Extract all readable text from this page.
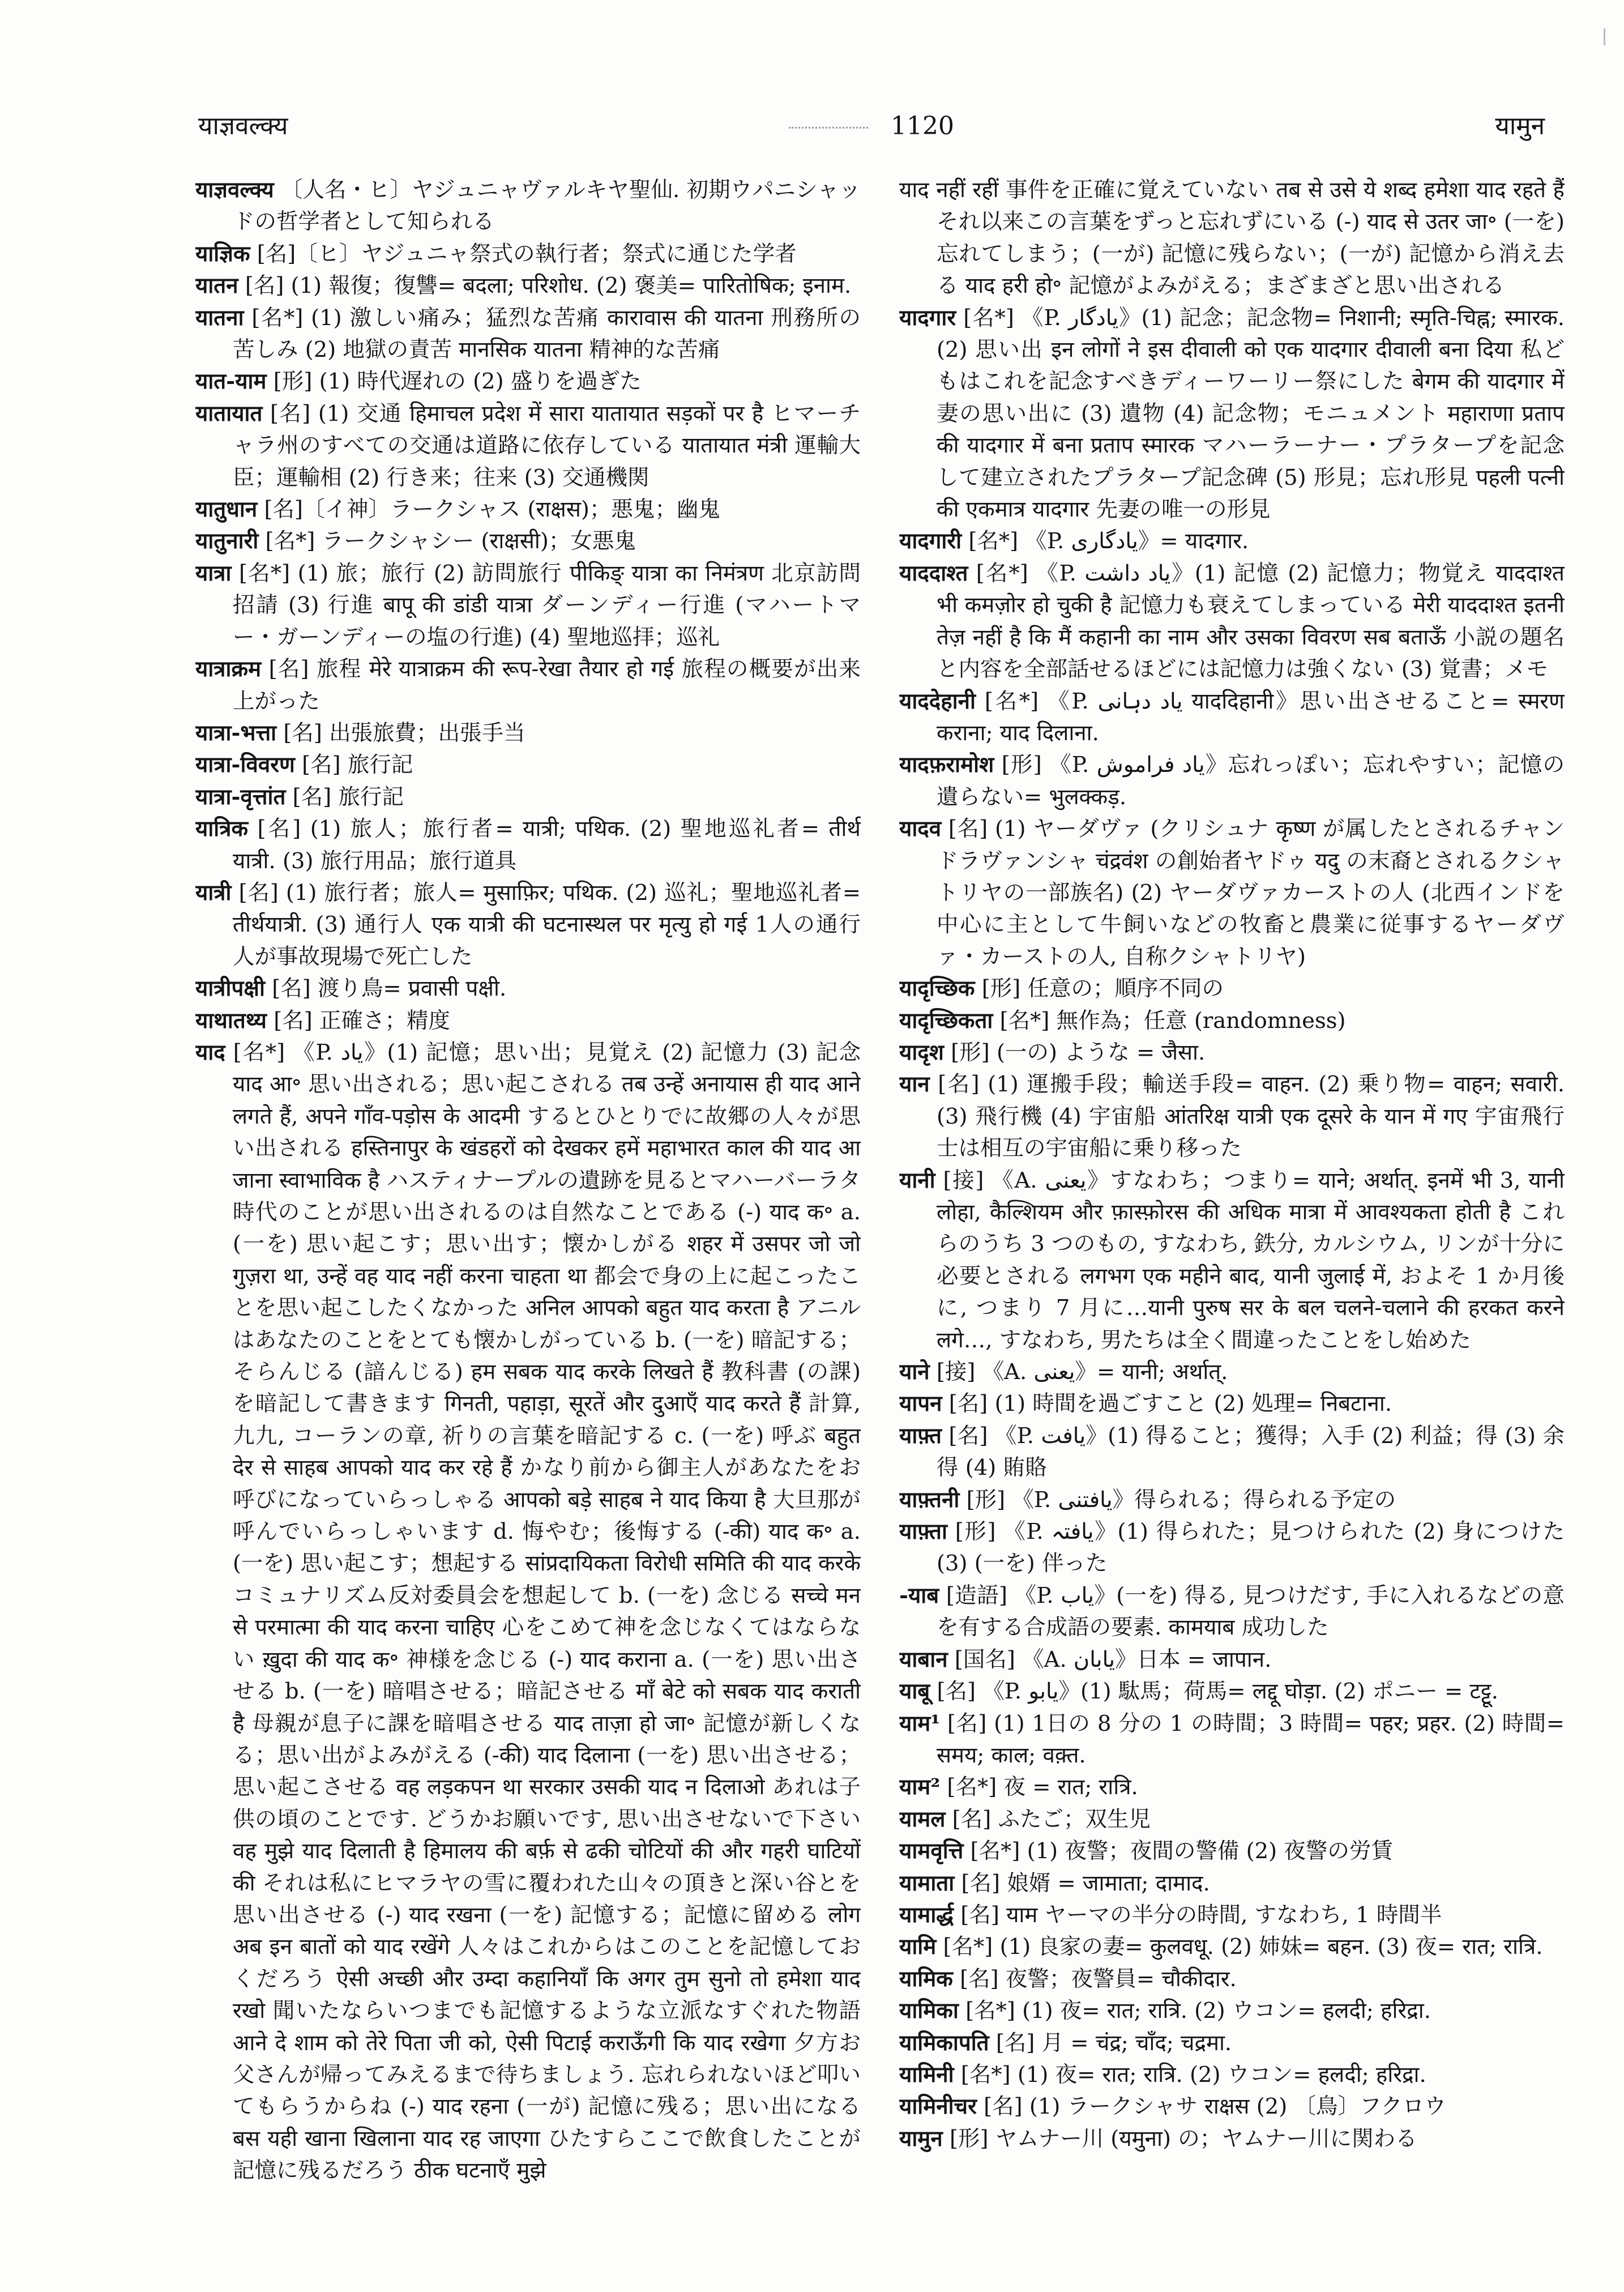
याज्ञवल्क्य	1120	यामुन
याज्ञवल्क्य 〔人名・ヒ〕ヤジュニャヴァルキヤ聖仙. 初期ウパニシャッドの哲学者として知られる
याज्ञिक [名]〔ヒ〕ヤジュニャ祭式の執行者；祭式に通じた学者
यातन [名] (1) 報復；復讐= बदला; परिशोध. (2) 褒美= पारितोषिक; इनाम.
यातना [名*] (1) 激しい痛み；猛烈な苦痛 कारावास की यातना 刑務所の苦しみ (2) 地獄の責苦 मानसिक यातना 精神的な苦痛
यात-याम [形] (1) 時代遅れの (2) 盛りを過ぎた
यातायात [名] (1) 交通 हिमाचल प्रदेश में सारा यातायात सड़कों पर है ヒマーチャラ州のすべての交通は道路に依存している यातायात मंत्री 運輸大臣；運輸相 (2) 行き来；往来 (3) 交通機関
यातुधान [名]〔イ神〕ラークシャス (राक्षस)；悪鬼；幽鬼
यातुनारी [名*] ラークシャシー (राक्षसी)；女悪鬼
यात्रा [名*] (1) 旅；旅行 (2) 訪問旅行 पीकिङ् यात्रा का निमंत्रण 北京訪問招請 (3) 行進 बापू की डांडी यात्रा ダーンディー行進 (マハートマー・ガーンディーの塩の行進) (4) 聖地巡拝；巡礼
यात्राक्रम [名] 旅程 मेरे यात्राक्रम की रूप-रेखा तैयार हो गई 旅程の概要が出来上がった
यात्रा-भत्ता [名] 出張旅費；出張手当
यात्रा-विवरण [名] 旅行記
यात्रा-वृत्तांत [名] 旅行記
यात्रिक [名] (1) 旅人；旅行者= यात्री; पथिक. (2) 聖地巡礼者= तीर्थ यात्री. (3) 旅行用品；旅行道具
यात्री [名] (1) 旅行者；旅人= मुसाफ़िर; पथिक. (2) 巡礼；聖地巡礼者= तीर्थयात्री. (3) 通行人 एक यात्री की घटनास्थल पर मृत्यु हो गई 1人の通行人が事故現場で死亡した
यात्रीपक्षी [名] 渡り鳥= प्रवासी पक्षी.
याथातथ्य [名] 正確さ；精度
याद [名*] 《P. یاد》(1) 記憶；思い出；見覚え (2) 記憶力 (3) 記念 याद आ॰ 思い出される；思い起こされる तब उन्हें अनायास ही याद आने लगते हैं, अपने गाँव-पड़ोस के आदमी するとひとりでに故郷の人々が思い出される हस्तिनापुर के खंडहरों को देखकर हमें महाभारत काल की याद आ जाना स्वाभाविक है ハスティナープルの遺跡を見るとマハーバーラタ時代のことが思い出されるのは自然なことである (-) याद क॰ a. (一を) 思い起こす；思い出す；懐かしがる शहर में उसपर जो जो गुज़रा था, उन्हें वह याद नहीं करना चाहता था 都会で身の上に起こったことを思い起こしたくなかった अनिल आपको बहुत याद करता है アニルはあなたのことをとても懐かしがっている b. (一を) 暗記する；そらんじる (諳んじる) हम सबक याद करके लिखते हैं 教科書 (の課) を暗記して書きます गिनती, पहाड़ा, सूरतें और दुआएँ याद करते हैं 計算, 九九, コーランの章, 祈りの言葉を暗記する c. (一を) 呼ぶ बहुत देर से साहब आपको याद कर रहे हैं かなり前から御主人があなたをお呼びになっていらっしゃる आपको बड़े साहब ने याद किया है 大旦那が呼んでいらっしゃいます d. 悔やむ；後悔する (-की) याद क॰ a. (一を) 思い起こす；想起する सांप्रदायिकता विरोधी समिति की याद करके コミュナリズム反対委員会を想起して b. (一を) 念じる सच्चे मन से परमात्मा की याद करना चाहिए 心をこめて神を念じなくてはならない ख़ुदा की याद क॰ 神様を念じる (-) याद कराना a. (一を) 思い出させる b. (一を) 暗唱させる；暗記させる माँ बेटे को सबक याद कराती है 母親が息子に課を暗唱させる याद ताज़ा हो जा॰ 記憶が新しくなる；思い出がよみがえる (-की) याद दिलाना (一を) 思い出させる；思い起こさせる वह लड़कपन था सरकार उसकी याद न दिलाओ あれは子供の頃のことです. どうかお願いです, 思い出させないで下さい वह मुझे याद दिलाती है हिमालय की बर्फ़ से ढकी चोटियों की और गहरी घाटियों की それは私にヒマラヤの雪に覆われた山々の頂きと深い谷とを思い出させる (-) याद रखना (一を) 記憶する；記憶に留める लोग अब इन बातों को याद रखेंगे 人々はこれからはこのことを記憶しておくだろう ऐसी अच्छी और उम्दा कहानियाँ कि अगर तुम सुनो तो हमेशा याद रखो 聞いたならいつまでも記憶するような立派なすぐれた物語 आने दे शाम को तेरे पिता जी को, ऐसी पिटाई कराऊँगी कि याद रखेगा 夕方お父さんが帰ってみえるまで待ちましょう. 忘れられないほど叩いてもらうからね (-) याद रहना (一が) 記憶に残る；思い出になる बस यही खाना खिलाना याद रह जाएगा ひたすらここで飲食したことが記憶に残るだろう ठीक घटनाएँ मुझे
याद नहीं रहीं 事件を正確に覚えていない तब से उसे ये शब्द हमेशा याद रहते हैं それ以来この言葉をずっと忘れずにいる (-) याद से उतर जा॰ (一を) 忘れてしまう；(一が) 記憶に残らない；(一が) 記憶から消え去る याद हरी हो॰ 記憶がよみがえる；まざまざと思い出される
यादगार [名*] 《P. یادگار》(1) 記念；記念物= निशानी; स्मृति-चिह्न; स्मारक. (2) 思い出 इन लोगों ने इस दीवाली को एक यादगार दीवाली बना दिया 私どもはこれを記念すべきディーワーリー祭にした बेगम की यादगार में 妻の思い出に (3) 遺物 (4) 記念物；モニュメント महाराणा प्रताप की यादगार में बना प्रताप स्मारक マハーラーナー・プラタープを記念して建立されたプラタープ記念碑 (5) 形見；忘れ形見 पहली पत्नी की एकमात्र यादगार 先妻の唯一の形見
यादगारी [名*] 《P. یادگاری》= यादगार.
याददाश्त [名*] 《P. یاد داشت》(1) 記憶 (2) 記憶力；物覚え याददाश्त भी कमज़ोर हो चुकी है 記憶力も衰えてしまっている मेरी याददाश्त इतनी तेज़ नहीं है कि मैं कहानी का नाम और उसका विवरण सब बताऊँ 小説の題名と内容を全部話せるほどには記憶力は強くない (3) 覚書；メモ
याददेहानी [名*] 《P. یاد دہانی याददिहानी》思い出させること= स्मरण कराना; याद दिलाना.
यादफ़रामोश [形] 《P. یاد فراموش》忘れっぽい；忘れやすい；記憶の遺らない= भुलक्कड़.
यादव [名] (1) ヤーダヴァ (クリシュナ कृष्ण が属したとされるチャンドラヴァンシャ चंद्रवंश の創始者ヤドゥ यदु の末裔とされるクシャトリヤの一部族名) (2) ヤーダヴァカーストの人 (北西インドを中心に主として牛飼いなどの牧畜と農業に従事するヤーダヴァ・カーストの人, 自称クシャトリヤ)
यादृच्छिक [形] 任意の；順序不同の
यादृच्छिकता [名*] 無作為；任意 (randomness)
यादृश [形] (一の) ような = जैसा.
यान [名] (1) 運搬手段；輸送手段= वाहन. (2) 乗り物= वाहन; सवारी. (3) 飛行機 (4) 宇宙船 आंतरिक्ष यात्री एक दूसरे के यान में गए 宇宙飛行士は相互の宇宙船に乗り移った
यानी [接] 《A. یعنی》すなわち；つまり= याने; अर्थात्. इनमें भी 3, यानी लोहा, कैल्शियम और फ़ास्फ़ोरस की अधिक मात्रा में आवश्यकता होती है これらのうち 3 つのもの, すなわち, 鉄分, カルシウム, リンが十分に必要とされる लगभग एक महीने बाद, यानी जुलाई में, およそ 1 か月後に, つまり 7 月に…यानी पुरुष सर के बल चलने-चलाने की हरकत करने लगे…, すなわち, 男たちは全く間違ったことをし始めた
याने [接] 《A. یعنی》= यानी; अर्थात्.
यापन [名] (1) 時間を過ごすこと (2) 処理= निबटाना.
याफ़्त [名] 《P. یافت》(1) 得ること；獲得；入手 (2) 利益；得 (3) 余得 (4) 賄賂
याफ़्तनी [形] 《P. یافتنی》得られる；得られる予定の
याफ़्ता [形] 《P. یافتہ》(1) 得られた；見つけられた (2) 身につけた (3) (一を) 伴った
-याब [造語] 《P. یاب》(一を) 得る, 見つけだす, 手に入れるなどの意を有する合成語の要素. कामयाब 成功した
याबान [国名] 《A. یابان》日本 = जापान.
याबू [名] 《P. یابو》(1) 駄馬；荷馬= लद्दू घोड़ा. (2) ポニー = टट्टू.
याम¹ [名] (1) 1日の 8 分の 1 の時間；3 時間= पहर; प्रहर. (2) 時間= समय; काल; वक़्त.
याम² [名*] 夜 = रात; रात्रि.
यामल [名] ふたご；双生児
यामवृत्ति [名*] (1) 夜警；夜間の警備 (2) 夜警の労賃
यामाता [名] 娘婿 = जामाता; दामाद.
यामार्द्ध [名] याम ヤーマの半分の時間, すなわち, 1 時間半
यामि [名*] (1) 良家の妻= कुलवधू. (2) 姉妹= बहन. (3) 夜= रात; रात्रि.
यामिक [名] 夜警；夜警員= चौकीदार.
यामिका [名*] (1) 夜= रात; रात्रि. (2) ウコン= हलदी; हरिद्रा.
यामिकापति [名] 月 = चंद्र; चाँद; चद्रमा.
यामिनी [名*] (1) 夜= रात; रात्रि. (2) ウコン= हलदी; हरिद्रा.
यामिनीचर [名] (1) ラークシャサ राक्षस (2) 〔鳥〕フクロウ
यामुन [形] ヤムナー川 (यमुना) の；ヤムナー川に関わる
